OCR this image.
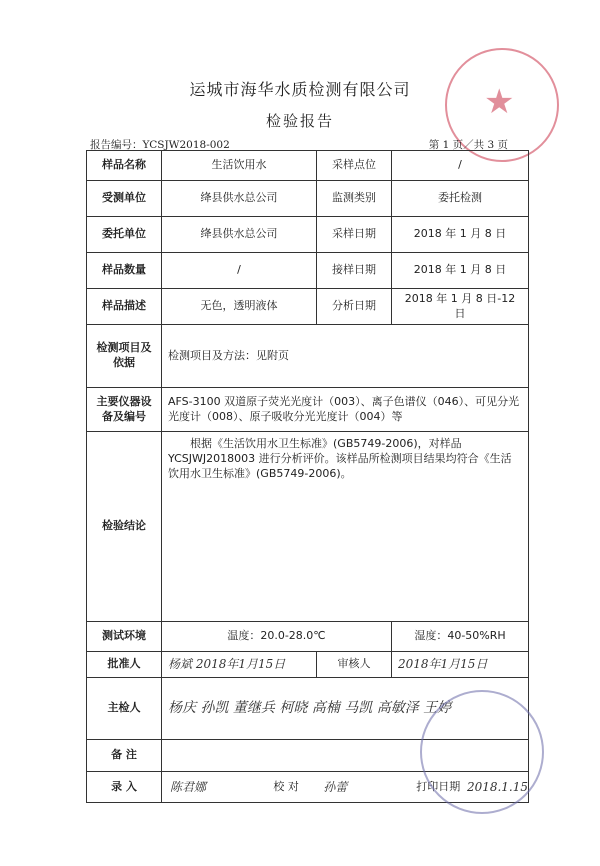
★
运城市海华水质检测有限公司
检验报告
报告编号：YCSJW2018-002	第 1 页／共 3 页
样品名称	生活饮用水	采样点位	/
受测单位	绛县供水总公司	监测类别	委托检测
委托单位	绛县供水总公司	采样日期	2018 年 1 月 8 日
样品数量	/	接样日期	2018 年 1 月 8 日
样品描述	无色，透明液体	分析日期	2018 年 1 月 8 日-12 日
检测项目及依据	检测项目及方法：见附页		
主要仪器设备及编号	AFS-3100 双道原子荧光光度计（003）、离子色谱仪（046）、可见分光光度计（008）、原子吸收分光光度计（004）等		
检验结论	根据《生活饮用水卫生标准》(GB5749-2006)，对样品 YCSJWJ2018003 进行分析评价。该样品所检测项目结果均符合《生活饮用水卫生标准》(GB5749-2006)。		
测试环境	温度：20.0-28.0℃		湿度：40-50%RH
批准人	杨斌 2018年1月15日	审核人	2018年1月15日
主检人	杨庆 孙凯 董继兵 柯晓 高楠 马凯 高敏泽 王婷		
备 注			
录 入	陈君娜 校 对 孙蕾 打印日期 2018.1.15		
